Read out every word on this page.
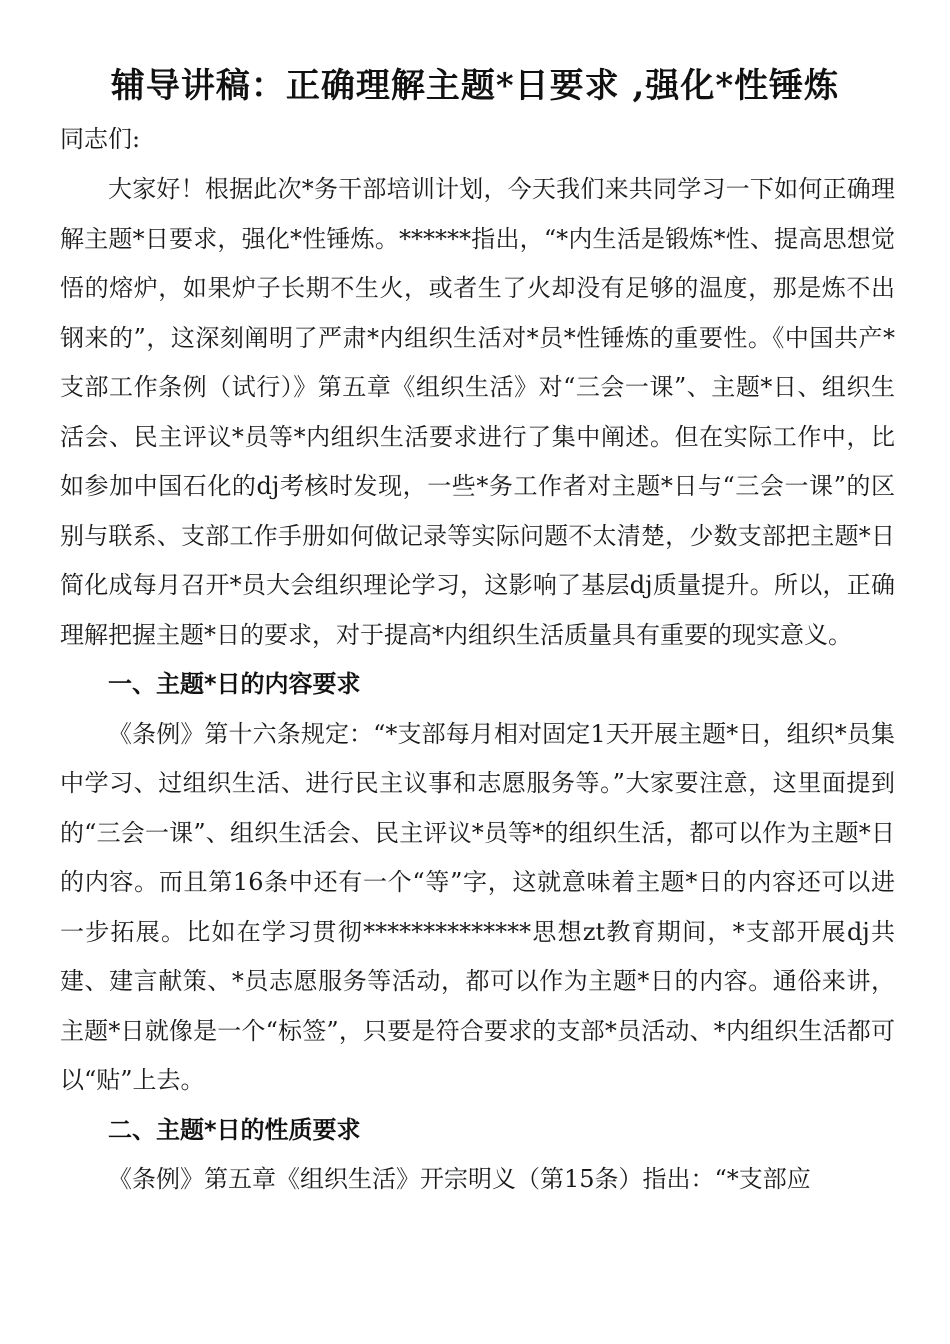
辅导讲稿：正确理解主题*日要求 ,强化*性锤炼

同志们:

大家好！根据此次*务干部培训计划，今天我们来共同学习一下如何正确理解主题*日要求，强化*性锤炼。******指出，“*内生活是锻炼*性、提高思想觉悟的熔炉，如果炉子长期不生火，或者生了火却没有足够的温度，那是炼不出钢来的”，这深刻阐明了严肃*内组织生活对*员*性锤炼的重要性。《中国共产*支部工作条例（试行）》第五章《组织生活》对“三会一课”、主题*日、组织生活会、民主评议*员等*内组织生活要求进行了集中阐述。但在实际工作中，比如参加中国石化的dj考核时发现，一些*务工作者对主题*日与“三会一课”的区别与联系、支部工作手册如何做记录等实际问题不太清楚，少数支部把主题*日简化成每月召开*员大会组织理论学习，这影响了基层dj质量提升。所以，正确理解把握主题*日的要求，对于提高*内组织生活质量具有重要的现实意义。

一、主题*日的内容要求

《条例》第十六条规定：“*支部每月相对固定1天开展主题*日，组织*员集中学习、过组织生活、进行民主议事和志愿服务等。”大家要注意，这里面提到的“三会一课”、组织生活会、民主评议*员等*的组织生活，都可以作为主题*日的内容。而且第16条中还有一个“等”字，这就意味着主题*日的内容还可以进一步拓展。比如在学习贯彻**************思想zt教育期间，*支部开展dj共建、建言献策、*员志愿服务等活动，都可以作为主题*日的内容。通俗来讲，主题*日就像是一个“标签”，只要是符合要求的支部*员活动、*内组织生活都可以“贴”上去。

二、主题*日的性质要求

《条例》第五章《组织生活》开宗明义（第15条）指出：“*支部应
